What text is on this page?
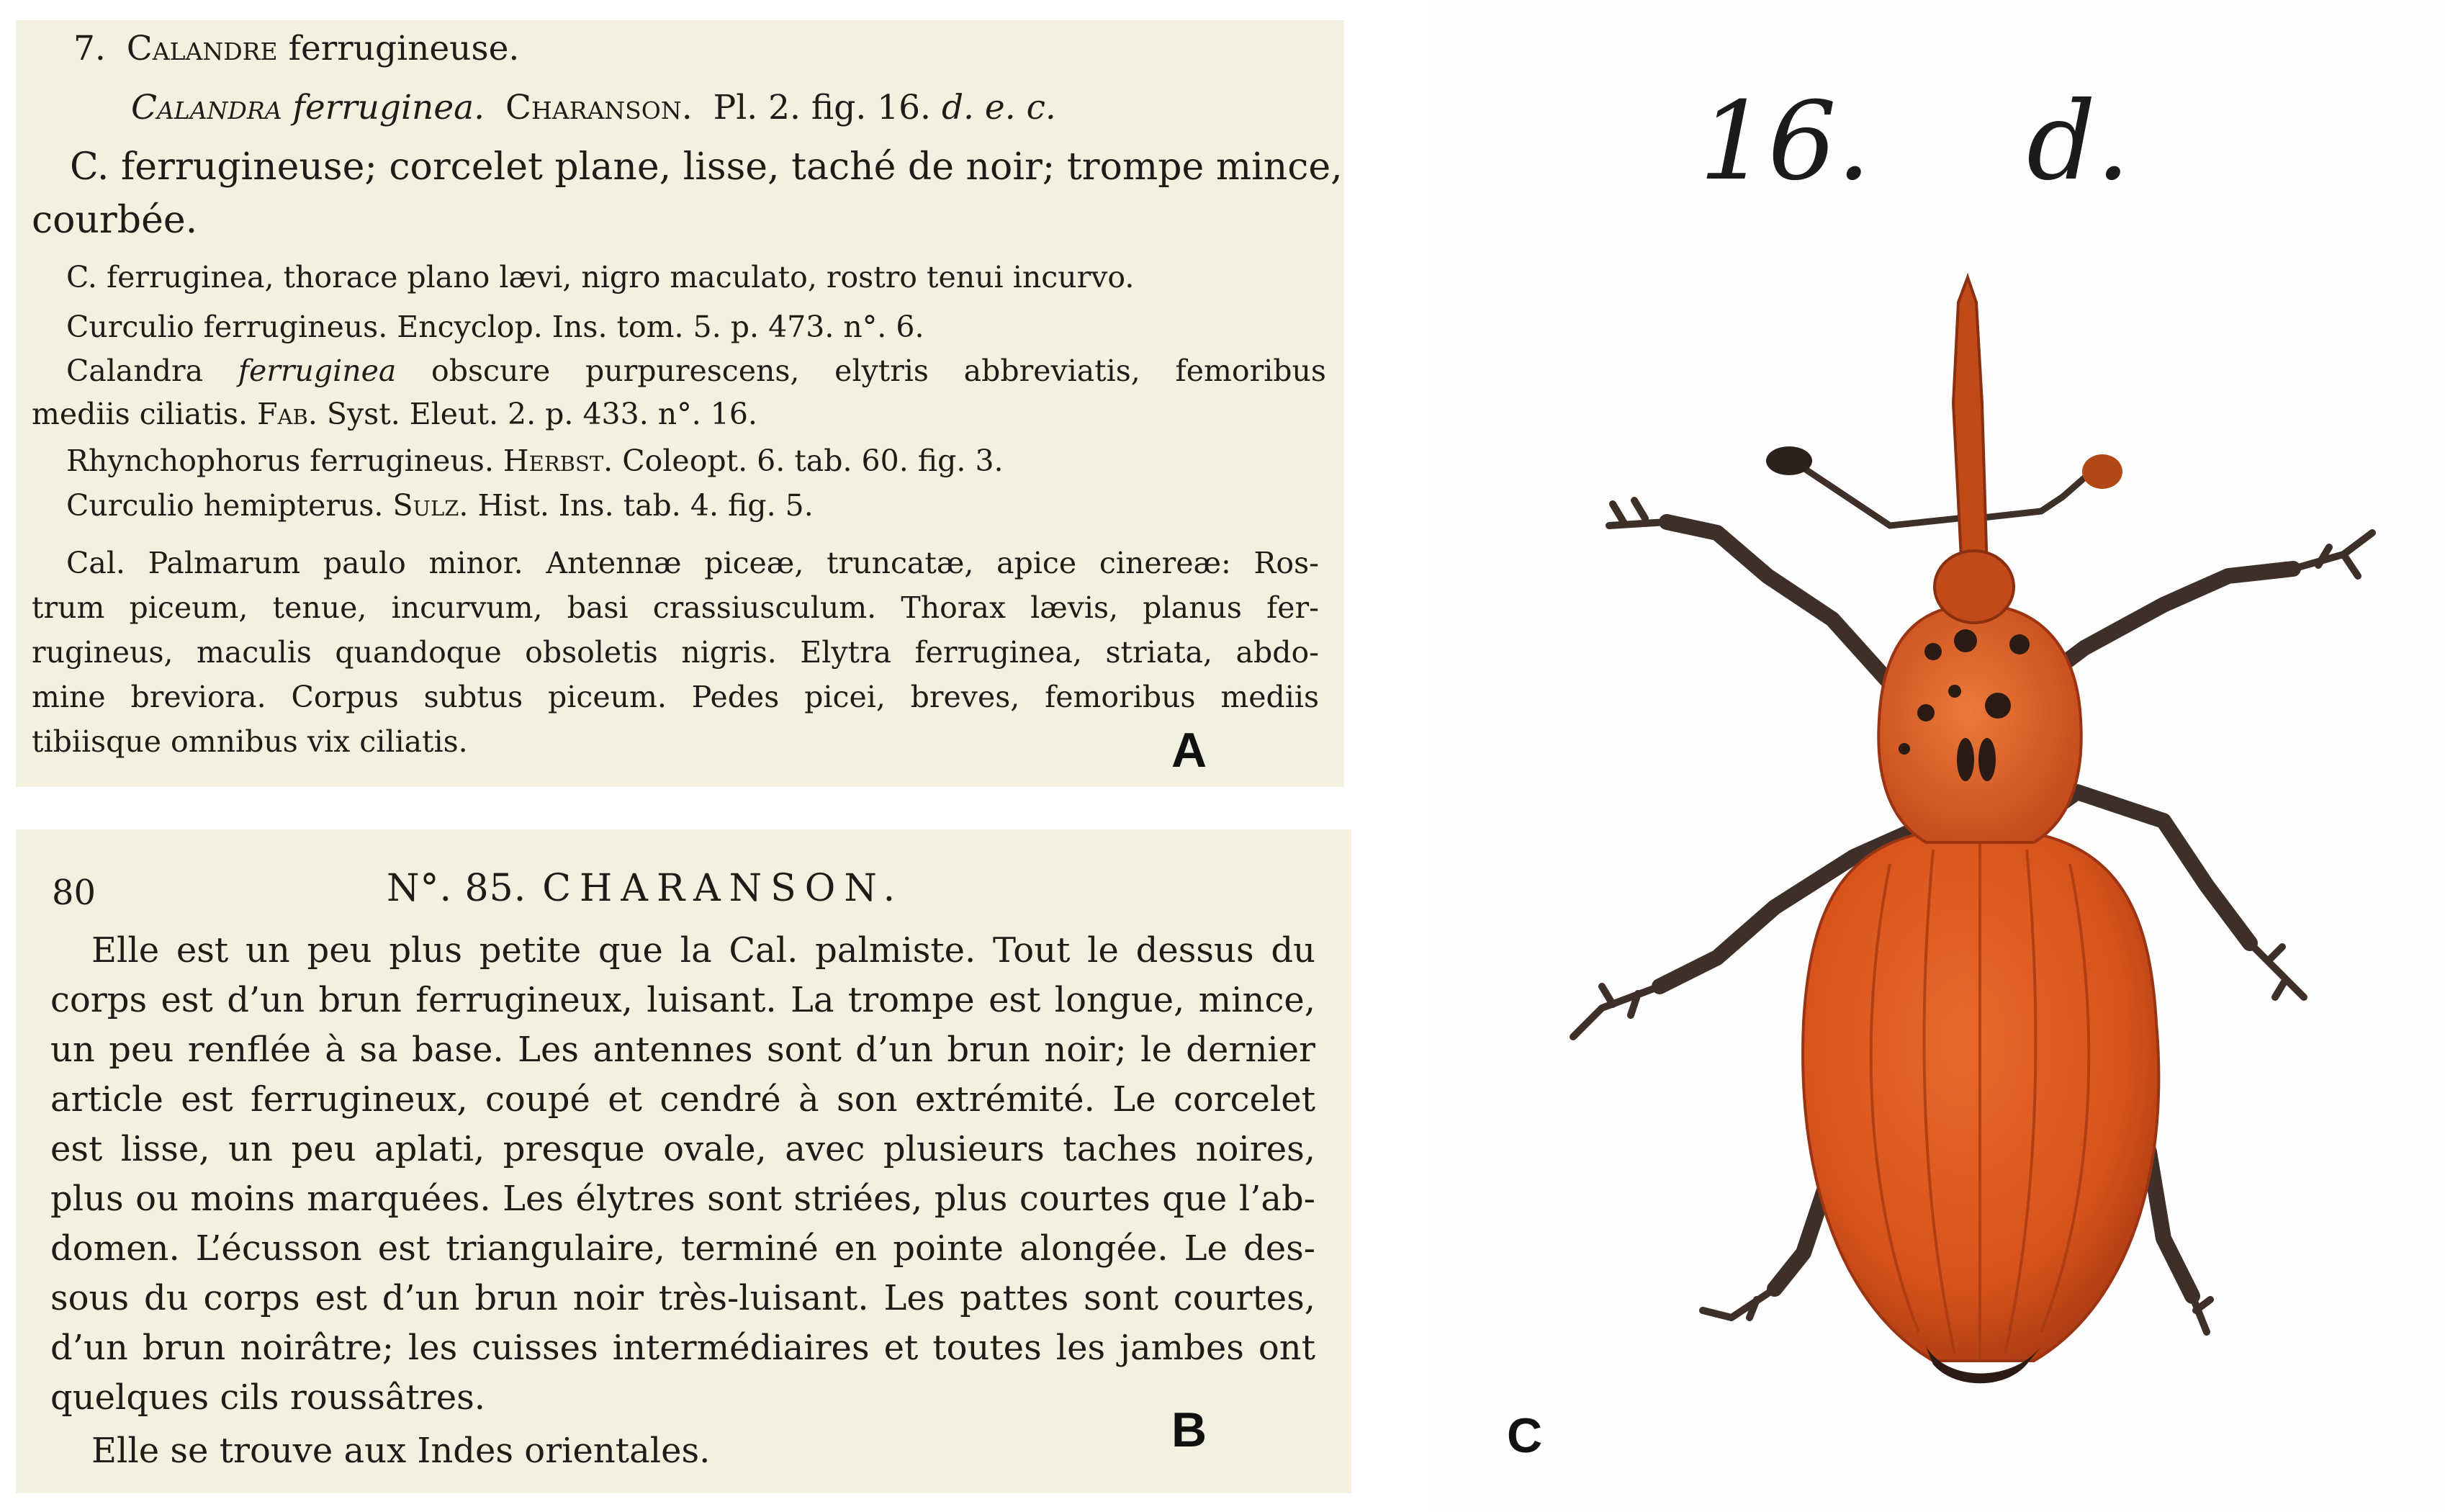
7. Calandre ferrugineuse.
Calandra ferruginea. Charanson. Pl. 2. fig. 16. d. e. c.
C. ferrugineuse; corcelet plane, lisse, taché de noir; trompe mince,
courbée.
C. ferruginea, thorace plano lævi, nigro maculato, rostro tenui incurvo.
Curculio ferrugineus. Encyclop. Ins. tom. 5. p. 473. n°. 6.
Calandra ferruginea obscure purpurescens, elytris abbreviatis, femoribus
mediis ciliatis. Fab. Syst. Eleut. 2. p. 433. n°. 16.
Rhynchophorus ferrugineus. Herbst. Coleopt. 6. tab. 60. fig. 3.
Curculio hemipterus. Sulz. Hist. Ins. tab. 4. fig. 5.
Cal. Palmarum paulo minor. Antennæ piceæ, truncatæ, apice cinereæ: Ros-
trum piceum, tenue, incurvum, basi crassiusculum. Thorax lævis, planus fer-
rugineus, maculis quandoque obsoletis nigris. Elytra ferruginea, striata, abdo-
mine breviora. Corpus subtus piceum. Pedes picei, breves, femoribus mediis
tibiisque omnibus vix ciliatis.	A
80	N°. 85. CHARANSON.
Elle est un peu plus petite que la Cal. palmiste. Tout le dessus du
corps est d’un brun ferrugineux, luisant. La trompe est longue, mince,
un peu renflée à sa base. Les antennes sont d’un brun noir; le dernier
article est ferrugineux, coupé et cendré à son extrémité. Le corcelet
est lisse, un peu aplati, presque ovale, avec plusieurs taches noires,
plus ou moins marquées. Les élytres sont striées, plus courtes que l’ab-
domen. L’écusson est triangulaire, terminé en pointe alongée. Le des-
sous du corps est d’un brun noir très-luisant. Les pattes sont courtes,
d’un brun noirâtre; les cuisses intermédiaires et toutes les jambes ont
quelques cils roussâtres.
Elle se trouve aux Indes orientales.	B
16. d.
C
